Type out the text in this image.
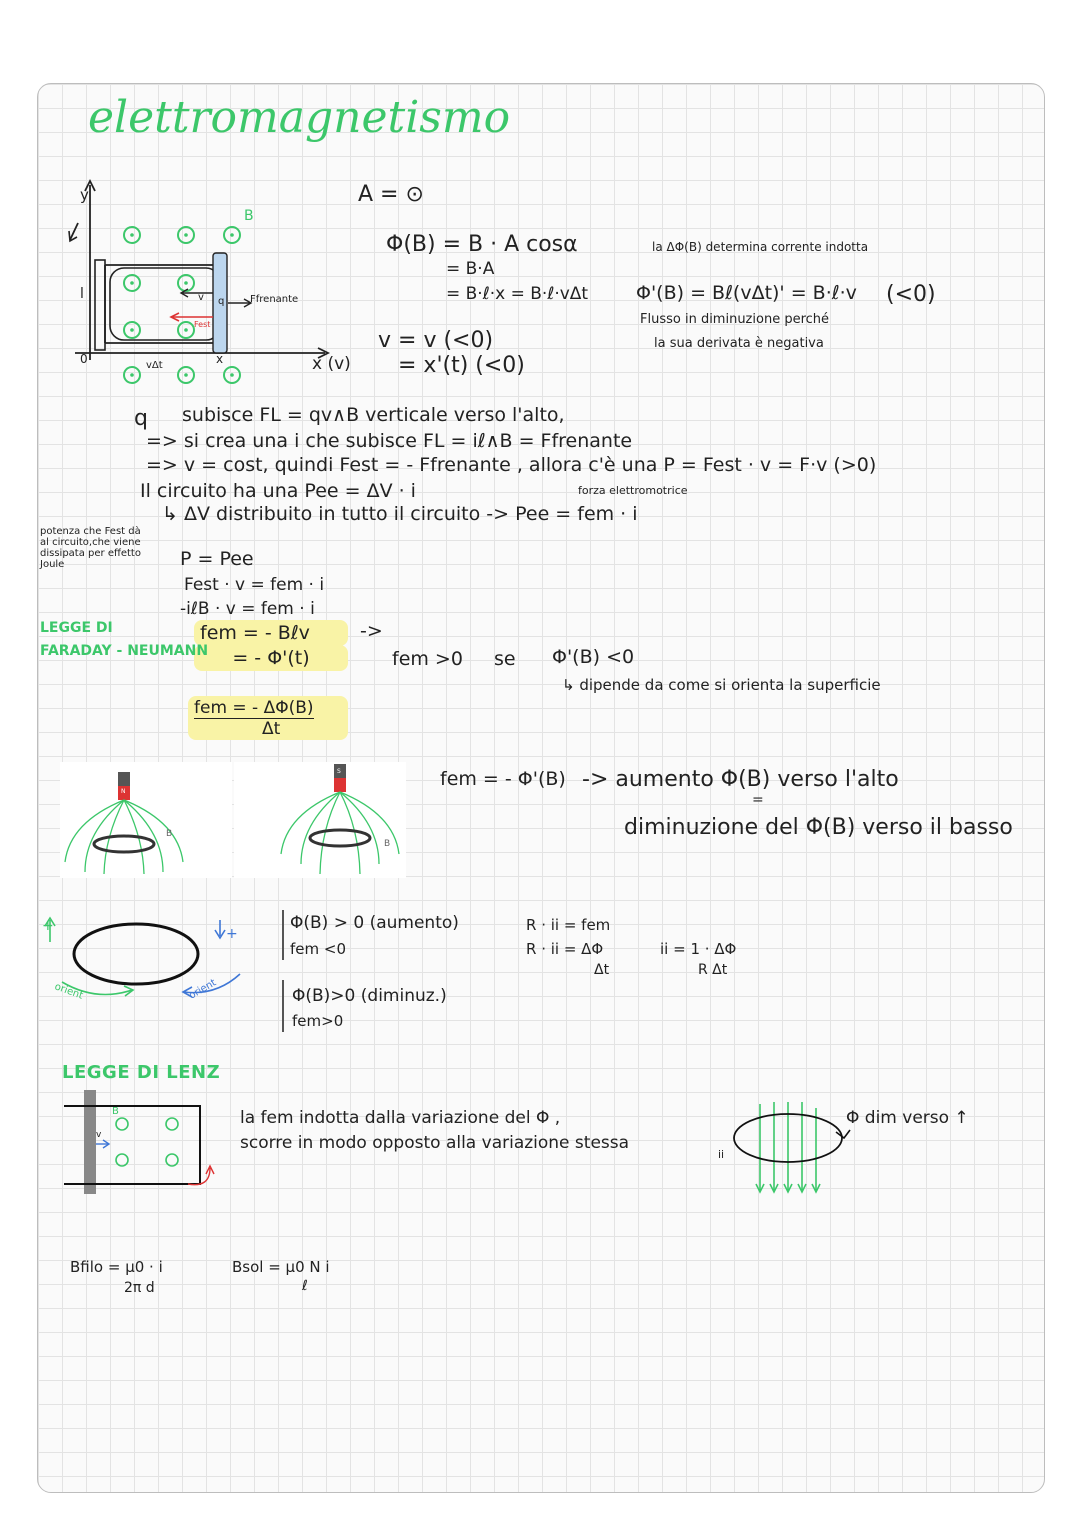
elettromagnetismo
y
x (v)
l
x
0	vΔt
B
q
v
Fest
Ffrenante
A = ⊙
Φ(B) = B · A cosα
= B·A
= B·ℓ·x = B·ℓ·vΔt
v = v (<0)
= x'(t) (<0)
la ΔΦ(B) determina corrente indotta
Φ'(B) = Bℓ(vΔt)' = B·ℓ·v (<0)
Flusso in diminuzione perché
la sua derivata è negativa
q subisce FL = qv∧B verticale verso l'alto,
=> si crea una i che subisce FL = iℓ∧B = Ffrenante
=> v = cost, quindi Fest = - Ffrenante , allora c'è una P = Fest · v = F·v (>0)
forza elettromotrice
Il circuito ha una Pee = ΔV · i
↳ ΔV distribuito in tutto il circuito -> Pee = fem · i
potenza che Fest dà
al circuito,che viene
dissipata per effetto
Joule	P = Pee
Fest · v = fem · i
-iℓB · v = fem · i
fem = - Bℓv
= - Φ'(t)
fem = - ΔΦ(B)
Δt
LEGGE DI
FARADAY - NEUMANN
->
fem >0 se Φ'(B) <0
↳ dipende da come si orienta la superficie
B
N
B
S	fem = - Φ'(B) -> aumento Φ(B) verso l'alto
=
diminuzione del Φ(B) verso il basso
+	+
orient	orient
Φ(B) > 0 (aumento)
fem <0
Φ(B)>0 (diminuz.)
fem>0
R · ii = fem
R · ii = ΔΦ
Δt
ii = 1 · ΔΦ
R Δt
LEGGE DI LENZ
B
v
la fem indotta dalla variazione del Φ ,
scorre in modo opposto alla variazione stessa
ii
Φ dim verso ↑
Bfilo = μ0 · i
2π d
Bsol = μ0 N i
ℓ
